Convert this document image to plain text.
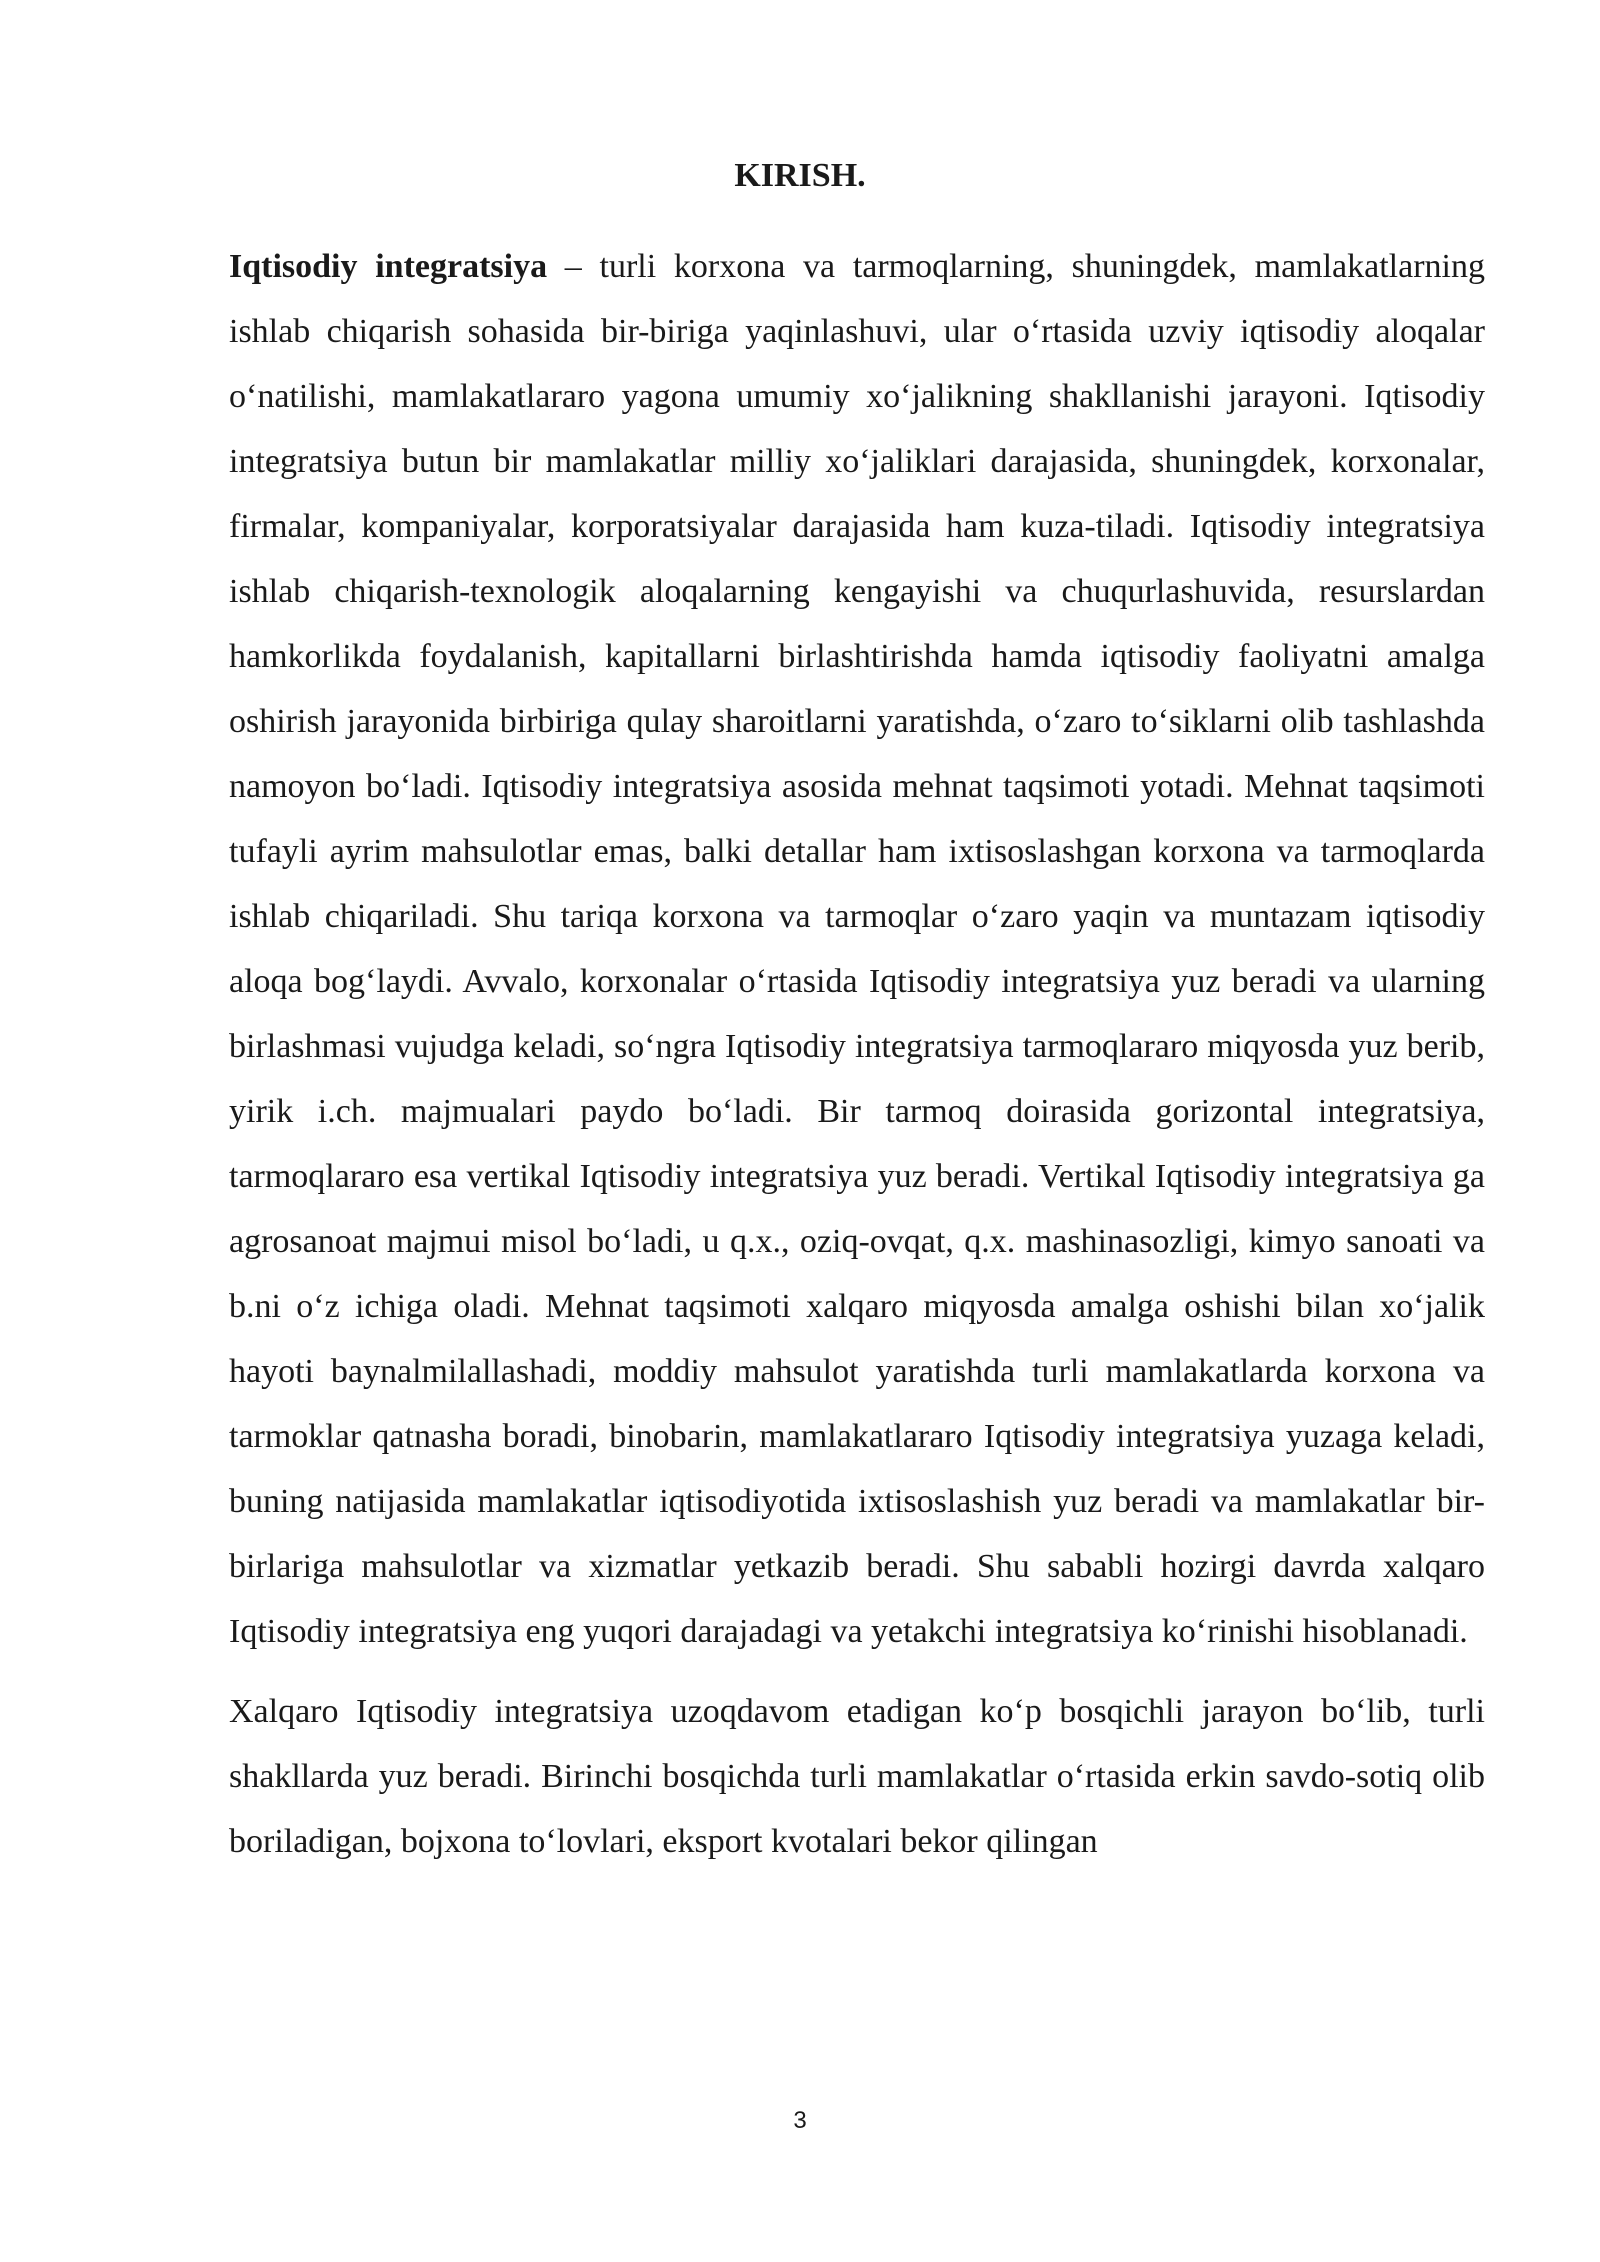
KIRISH.

Iqtisodiy integratsiya – turli korxona va tarmoqlarning, shuningdek, mamlakatlarning ishlab chiqarish sohasida bir-biriga yaqinlashuvi, ular o‘rtasida uzviy iqtisodiy aloqalar o‘natilishi, mamlakatlararo yagona umumiy xo‘jalikning shakllanishi jarayoni. Iqtisodiy integratsiya butun bir mamlakatlar milliy xo‘jaliklari darajasida, shuningdek, korxonalar, firmalar, kompaniyalar, korporatsiyalar darajasida ham kuza-tiladi. Iqtisodiy integratsiya ishlab chiqarish-texnologik aloqalarning kengayishi va chuqurlashuvida, resurslardan hamkorlikda foydalanish, kapitallarni birlashtirishda hamda iqtisodiy faoliyatni amalga oshirish jarayonida birbiriga qulay sharoitlarni yaratishda, o‘zaro to‘siklarni olib tashlashda namoyon bo‘ladi. Iqtisodiy integratsiya asosida mehnat taqsimoti yotadi. Mehnat taqsimoti tufayli ayrim mahsulotlar emas, balki detallar ham ixtisoslashgan korxona va tarmoqlarda ishlab chiqariladi. Shu tariqa korxona va tarmoqlar o‘zaro yaqin va muntazam iqtisodiy aloqa bog‘laydi. Avvalo, korxonalar o‘rtasida Iqtisodiy integratsiya yuz beradi va ularning birlashmasi vujudga keladi, so‘ngra Iqtisodiy integratsiya tarmoqlararo miqyosda yuz berib, yirik i.ch. majmualari paydo bo‘ladi. Bir tarmoq doirasida gorizontal integratsiya, tarmoqlararo esa vertikal Iqtisodiy integratsiya yuz beradi. Vertikal Iqtisodiy integratsiya ga agrosanoat majmui misol bo‘ladi, u q.x., oziq-ovqat, q.x. mashinasozligi, kimyo sanoati va b.ni o‘z ichiga oladi. Mehnat taqsimoti xalqaro miqyosda amalga oshishi bilan xo‘jalik hayoti baynalmilallashadi, moddiy mahsulot yaratishda turli mamlakatlarda korxona va tarmoklar qatnasha boradi, binobarin, mamlakatlararo Iqtisodiy integratsiya yuzaga keladi, buning natijasida mamlakatlar iqtisodiyotida ixtisoslashish yuz beradi va mamlakatlar bir-birlariga mahsulotlar va xizmatlar yetkazib beradi. Shu sababli hozirgi davrda xalqaro Iqtisodiy integratsiya eng yuqori darajadagi va yetakchi integratsiya ko‘rinishi hisoblanadi.

Xalqaro Iqtisodiy integratsiya uzoqdavom etadigan ko‘p bosqichli jarayon bo‘lib, turli shakllarda yuz beradi. Birinchi bosqichda turli mamlakatlar o‘rtasida erkin savdo-sotiq olib boriladigan, bojxona to‘lovlari, eksport kvotalari bekor qilingan

3
